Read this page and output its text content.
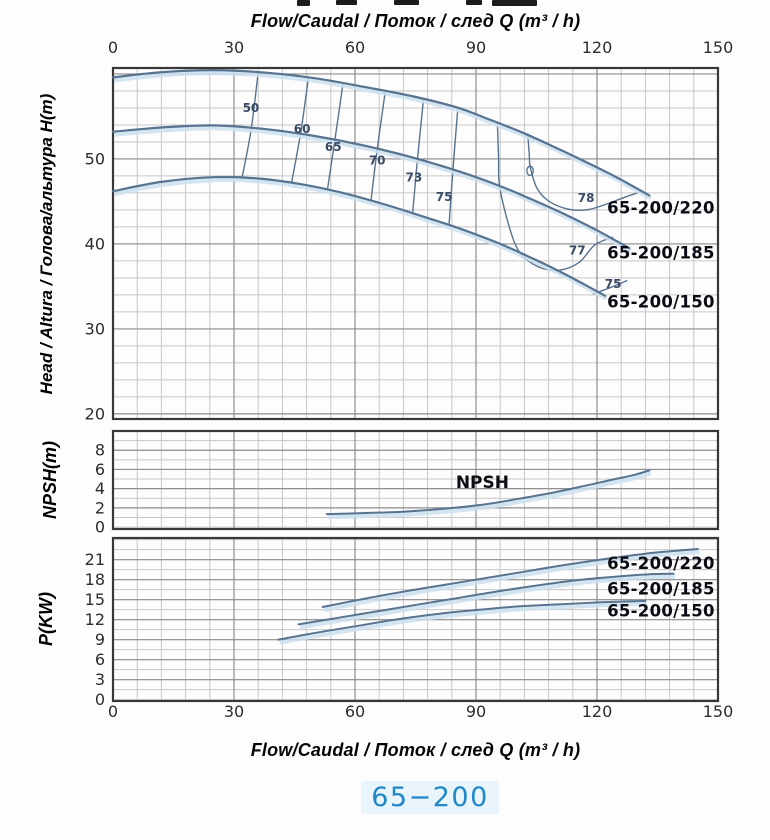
Flow/Caudal / Поток / след Q (m³ / h)
65-200/220
65-200/185
65-200/150
50
60
65
70
73
75	78
77
75
20
30
40
50
Head / Altura / Голова/альтура H(m)
NPSH
0
2
4
6
8
NPSH(m)
65-200/220
65-200/185
65-200/150
0
3
6
9
12
15
18
21
P(KW)
0
0
30
30
60
60
90
90
120
120
150
150
Flow/Caudal / Поток / след Q (m³ / h)
65−200
